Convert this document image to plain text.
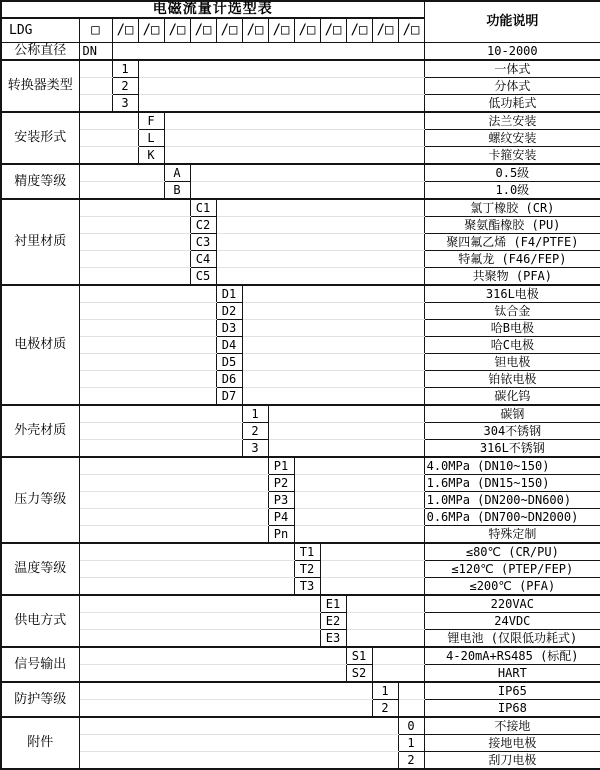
电磁流量计选型表														功能说明
LDG	□	/□	/□	/□	/□	/□	/□	/□	/□	/□	/□	/□	/□	
公称直径	DN													10-2000
转换器类型		1												一体式
		2												分体式
		3												低功耗式
安装形式			F											法兰安装
			L											螺纹安装
			K											卡箍安装
精度等级				A										0.5级
				B										1.0级
衬里材质					C1									氯丁橡胶 (CR)
					C2									聚氨酯橡胶 (PU)
					C3									聚四氟乙烯 (F4/PTFE)
					C4									特氟龙 (F46/FEP)
					C5									共聚物 (PFA)
电极材质						D1								316L电极
						D2								钛合金
						D3								哈B电极
						D4								哈C电极
						D5								钽电极
						D6								铂铱电极
						D7								碳化钨
外壳材质							1							碳钢
							2							304不锈钢
							3							316L不锈钢
压力等级								P1						4.0MPa (DN10~150)
								P2						1.6MPa (DN15~150)
								P3						1.0MPa (DN200~DN600)
								P4						0.6MPa (DN700~DN2000)
								Pn						特殊定制
温度等级									T1					≤80℃ (CR/PU)
									T2					≤120℃ (PTEP/FEP)
									T3					≤200℃ (PFA)
供电方式										E1				220VAC
										E2				24VDC
										E3				锂电池 (仅限低功耗式)
信号输出											S1			4-20mA+RS485 (标配)
											S2			HART
防护等级												1		IP65
												2		IP68
附件													0	不接地
													1	接地电极
													2	刮刀电极
